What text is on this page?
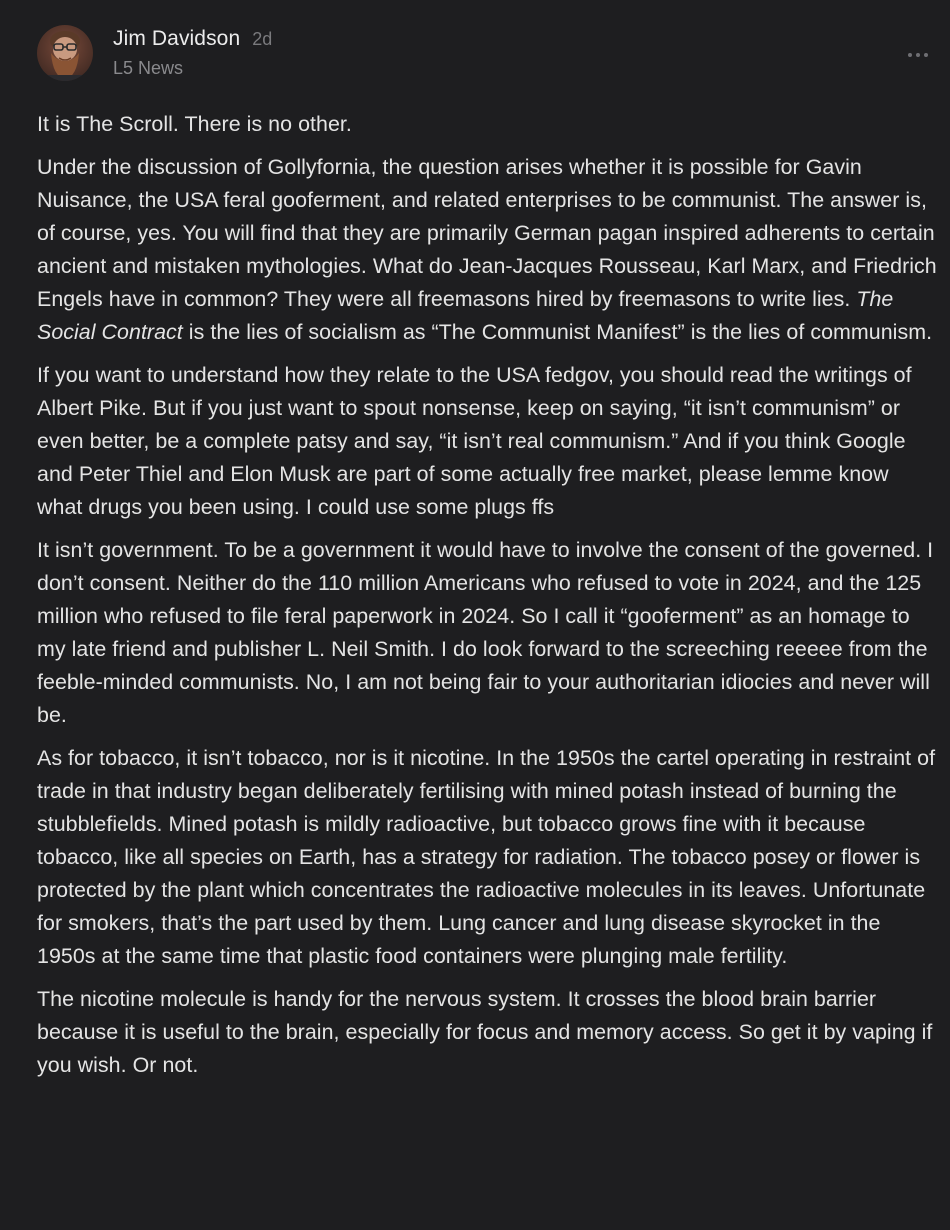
Jim Davidson 2d
L5 News

It is The Scroll. There is no other.

Under the discussion of Gollyfornia, the question arises whether it is possible for Gavin Nuisance, the USA feral gooferment, and related enterprises to be communist. The answer is, of course, yes. You will find that they are primarily German pagan inspired adherents to certain ancient and mistaken mythologies. What do Jean-Jacques Rousseau, Karl Marx, and Friedrich Engels have in common? They were all freemasons hired by freemasons to write lies. The Social Contract is the lies of socialism as “The Communist Manifest” is the lies of communism.

If you want to understand how they relate to the USA fedgov, you should read the writings of Albert Pike. But if you just want to spout nonsense, keep on saying, “it isn’t communism” or even better, be a complete patsy and say, “it isn’t real communism.” And if you think Google and Peter Thiel and Elon Musk are part of some actually free market, please lemme know what drugs you been using. I could use some plugs ffs

It isn’t government. To be a government it would have to involve the consent of the governed. I don’t consent. Neither do the 110 million Americans who refused to vote in 2024, and the 125 million who refused to file feral paperwork in 2024. So I call it “gooferment” as an homage to my late friend and publisher L. Neil Smith. I do look forward to the screeching reeeee from the feeble-minded communists. No, I am not being fair to your authoritarian idiocies and never will be.

As for tobacco, it isn’t tobacco, nor is it nicotine. In the 1950s the cartel operating in restraint of trade in that industry began deliberately fertilising with mined potash instead of burning the stubblefields. Mined potash is mildly radioactive, but tobacco grows fine with it because tobacco, like all species on Earth, has a strategy for radiation. The tobacco posey or flower is protected by the plant which concentrates the radioactive molecules in its leaves. Unfortunate for smokers, that’s the part used by them. Lung cancer and lung disease skyrocket in the 1950s at the same time that plastic food containers were plunging male fertility.

The nicotine molecule is handy for the nervous system. It crosses the blood brain barrier because it is useful to the brain, especially for focus and memory access. So get it by vaping if you wish. Or not.
